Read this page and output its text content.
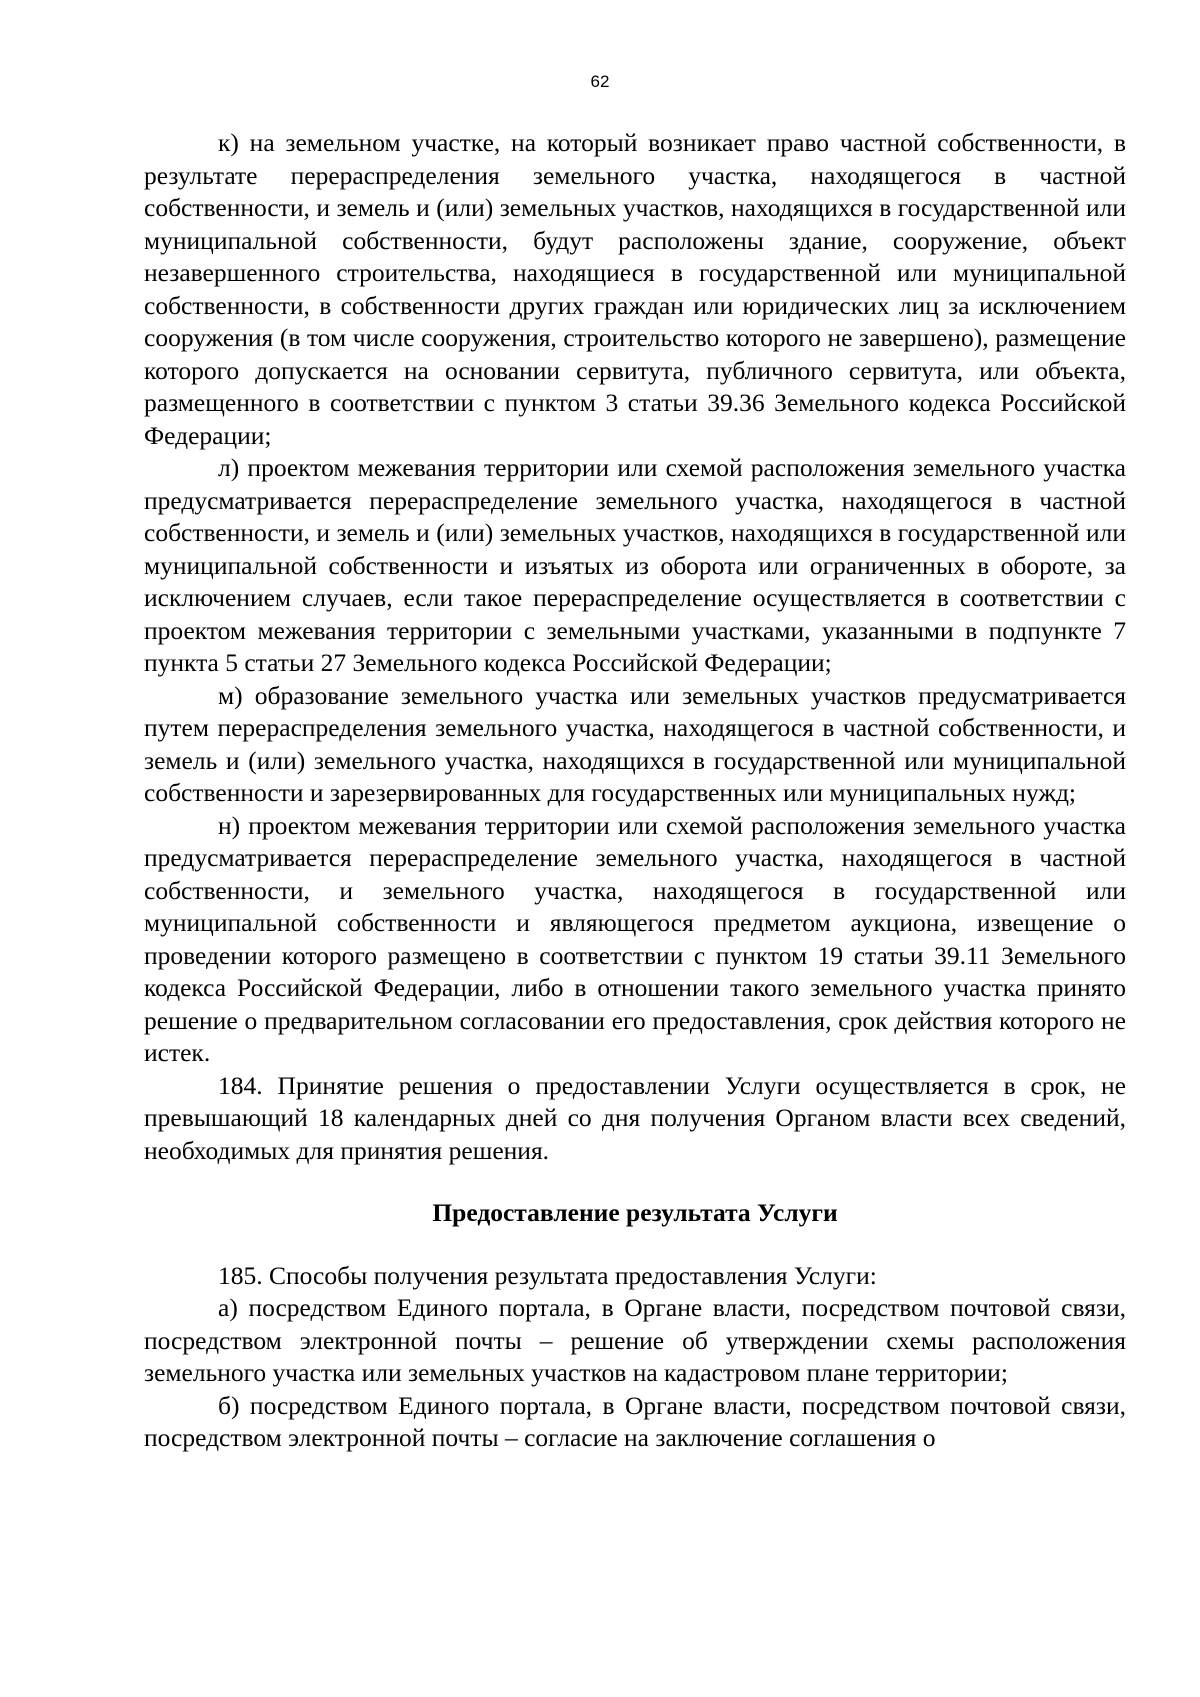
62

к) на земельном участке, на который возникает право частной собственности, в результате перераспределения земельного участка, находящегося в частной собственности, и земель и (или) земельных участков, находящихся в государственной или муниципальной собственности, будут расположены здание, сооружение, объект незавершенного строительства, находящиеся в государственной или муниципальной собственности, в собственности других граждан или юридических лиц за исключением сооружения (в том числе сооружения, строительство которого не завершено), размещение которого допускается на основании сервитута, публичного сервитута, или объекта, размещенного в соответствии с пунктом 3 статьи 39.36 Земельного кодекса Российской Федерации;

л) проектом межевания территории или схемой расположения земельного участка предусматривается перераспределение земельного участка, находящегося в частной собственности, и земель и (или) земельных участков, находящихся в государственной или муниципальной собственности и изъятых из оборота или ограниченных в обороте, за исключением случаев, если такое перераспределение осуществляется в соответствии с проектом межевания территории с земельными участками, указанными в подпункте 7 пункта 5 статьи 27 Земельного кодекса Российской Федерации;

м) образование земельного участка или земельных участков предусматривается путем перераспределения земельного участка, находящегося в частной собственности, и земель и (или) земельного участка, находящихся в государственной или муниципальной собственности и зарезервированных для государственных или муниципальных нужд;

н) проектом межевания территории или схемой расположения земельного участка предусматривается перераспределение земельного участка, находящегося в частной собственности, и земельного участка, находящегося в государственной или муниципальной собственности и являющегося предметом аукциона, извещение о проведении которого размещено в соответствии с пунктом 19 статьи 39.11 Земельного кодекса Российской Федерации, либо в отношении такого земельного участка принято решение о предварительном согласовании его предоставления, срок действия которого не истек.

184. Принятие решения о предоставлении Услуги осуществляется в срок, не превышающий 18 календарных дней со дня получения Органом власти всех сведений, необходимых для принятия решения.

Предоставление результата Услуги

185. Способы получения результата предоставления Услуги:

а) посредством Единого портала, в Органе власти, посредством почтовой связи, посредством электронной почты – решение об утверждении схемы расположения земельного участка или земельных участков на кадастровом плане территории;

б) посредством Единого портала, в Органе власти, посредством почтовой связи, посредством электронной почты – согласие на заключение соглашения о
